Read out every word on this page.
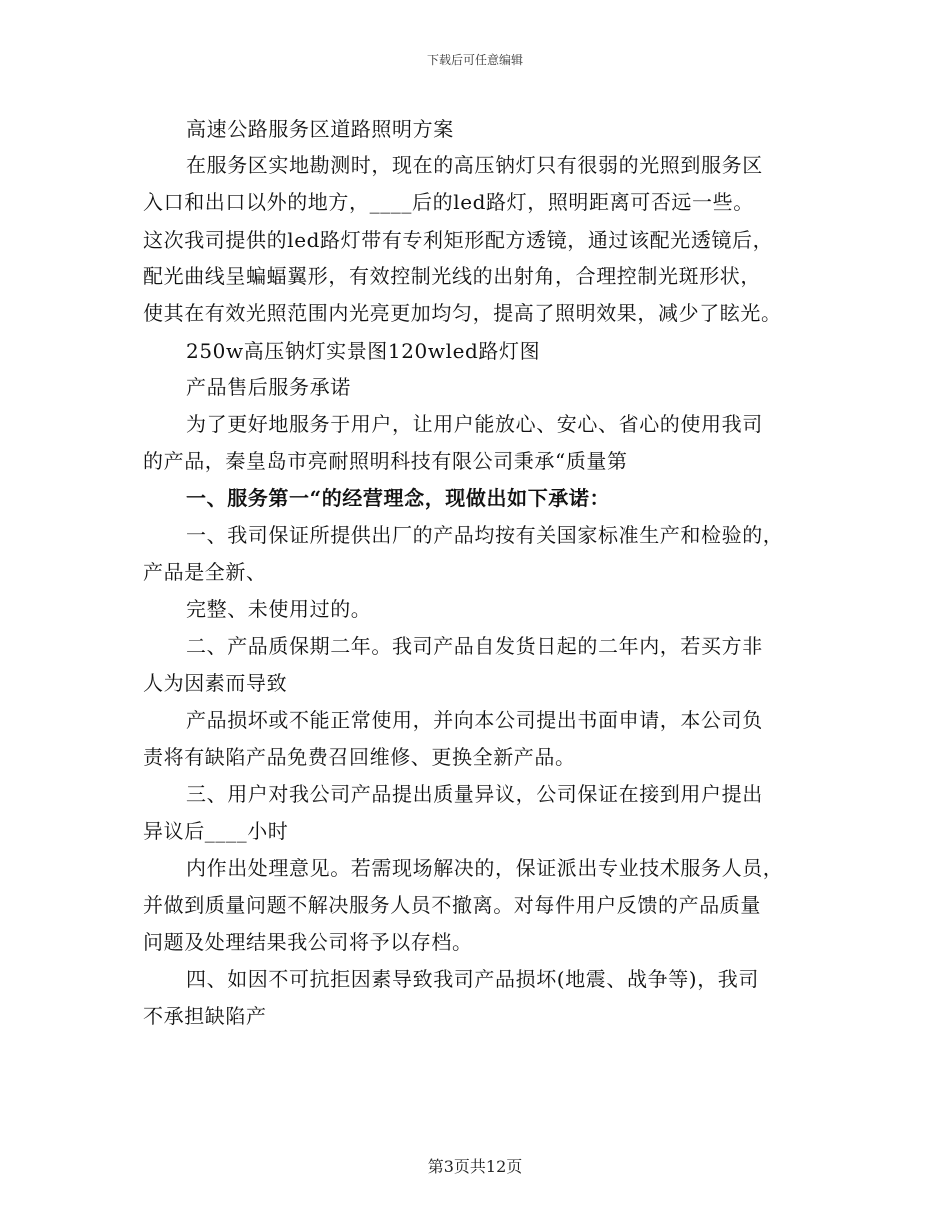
下载后可任意编辑
高速公路服务区道路照明方案
在服务区实地勘测时，现在的高压钠灯只有很弱的光照到服务区
入口和出口以外的地方，____后的led路灯，照明距离可否远一些。
这次我司提供的led路灯带有专利矩形配方透镜，通过该配光透镜后，
配光曲线呈蝙蝠翼形，有效控制光线的出射角，合理控制光斑形状，
使其在有效光照范围内光亮更加均匀，提高了照明效果，减少了眩光。
250w高压钠灯实景图120wled路灯图
产品售后服务承诺
为了更好地服务于用户，让用户能放心、安心、省心的使用我司
的产品，秦皇岛市亮耐照明科技有限公司秉承“质量第
一、服务第一“的经营理念，现做出如下承诺：
一、我司保证所提供出厂的产品均按有关国家标准生产和检验的，
产品是全新、
完整、未使用过的。
二、产品质保期二年。我司产品自发货日起的二年内，若买方非
人为因素而导致
产品损坏或不能正常使用，并向本公司提出书面申请，本公司负
责将有缺陷产品免费召回维修、更换全新产品。
三、用户对我公司产品提出质量异议，公司保证在接到用户提出
异议后____小时
内作出处理意见。若需现场解决的，保证派出专业技术服务人员，
并做到质量问题不解决服务人员不撤离。对每件用户反馈的产品质量
问题及处理结果我公司将予以存档。
四、如因不可抗拒因素导致我司产品损坏(地震、战争等)，我司
不承担缺陷产
第3页共12页
